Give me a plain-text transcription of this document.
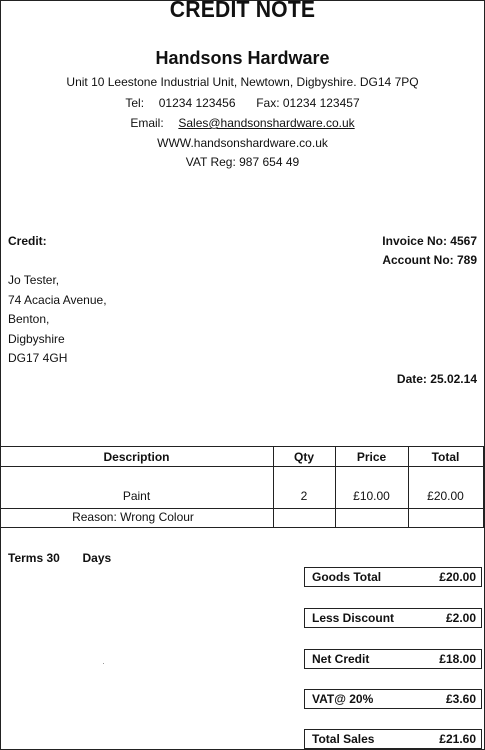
CREDIT NOTE
Handsons Hardware
Unit 10 Leestone Industrial Unit, Newtown, Digbyshire. DG14 7PQ
Tel: 01234 123456 Fax: 01234 123457
Email: Sales@handsonshardware.co.uk
WWW.handsonshardware.co.uk
VAT Reg: 987 654 49
Credit:	Invoice No: 4567
Account No: 789
Jo Tester,
74 Acacia Avenue,
Benton,
Digbyshire
DG17 4GH
Date: 25.02.14
Description	Qty	Price	Total
Paint	2	£10.00	£20.00
Reason: Wrong Colour
Terms 30 Days
Goods Total	£20.00
Less Discount	£2.00
Net Credit	£18.00
VAT@ 20%	£3.60
Total Sales	£21.60
